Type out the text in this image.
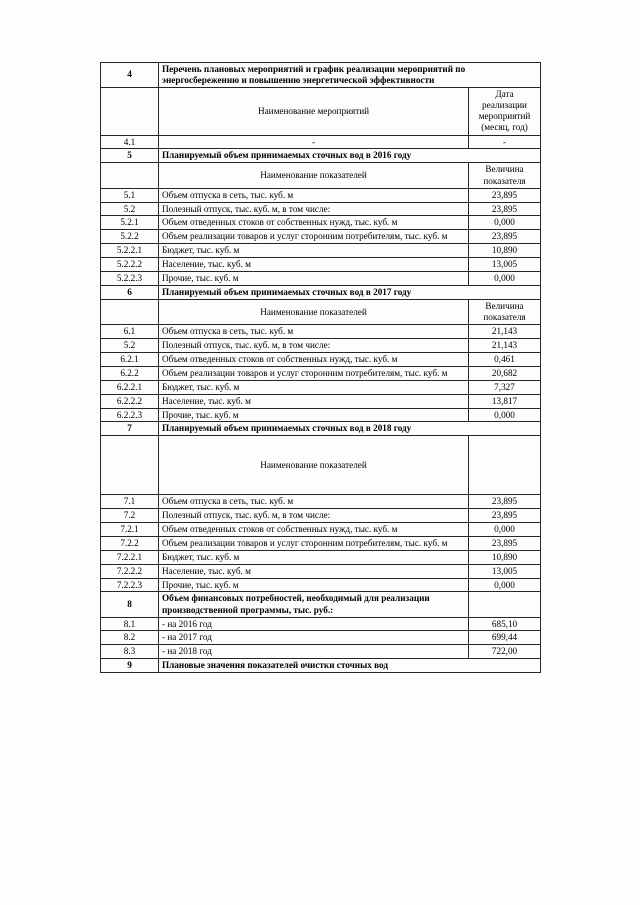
4	Перечень плановых мероприятий и график реализации мероприятий по энергосбережению и повышению энергетической эффективности	
	Наименование мероприятий	Дата реализации мероприятий (месяц, год)
4.1	-	-
5	Планируемый объем принимаемых сточных вод в 2016 году	
	Наименование показателей	Величина показателя
5.1	Объем отпуска в сеть, тыс. куб. м	23,895
5.2	Полезный отпуск, тыс. куб. м, в том числе:	23,895
5.2.1	Объем отведенных стоков от собственных нужд, тыс. куб. м	0,000
5.2.2	Объем реализации товаров и услуг сторонним потребителям, тыс. куб. м	23,895
5.2.2.1	Бюджет, тыс. куб. м	10,890
5.2.2.2	Население, тыс. куб. м	13,005
5.2.2.3	Прочие, тыс. куб. м	0,000
6	Планируемый объем принимаемых сточных вод в 2017 году	
	Наименование показателей	Величина показателя
6.1	Объем отпуска в сеть, тыс. куб. м	21,143
5.2	Полезный отпуск, тыс. куб. м, в том числе:	21,143
6.2.1	Объем отведенных стоков от собственных нужд, тыс. куб. м	0,461
6.2.2	Объем реализации товаров и услуг сторонним потребителям, тыс. куб. м	20,682
6.2.2.1	Бюджет, тыс. куб. м	7,327
6.2.2.2	Население, тыс. куб. м	13,817
6.2.2.3	Прочие, тыс. куб. м	0,000
7	Планируемый объем принимаемых сточных вод в 2018 году	
	Наименование показателей	
7.1	Объем отпуска в сеть, тыс. куб. м	23,895
7.2	Полезный отпуск, тыс. куб. м, в том числе:	23,895
7.2.1	Объем отведенных стоков от собственных нужд, тыс. куб. м	0,000
7.2.2	Объем реализации товаров и услуг сторонним потребителям, тыс. куб. м	23,895
7.2.2.1	Бюджет, тыс. куб. м	10,890
7.2.2.2	Население, тыс. куб. м	13,005
7.2.2.3	Прочие, тыс. куб. м	0,000
8	Объем финансовых потребностей, необходимый для реализации производственной программы, тыс. руб.:	
8.1	- на 2016 год	685,10
8.2	- на 2017 год	699,44
8.3	- на 2018 год	722,00
9	Плановые значения показателей очистки сточных вод	
